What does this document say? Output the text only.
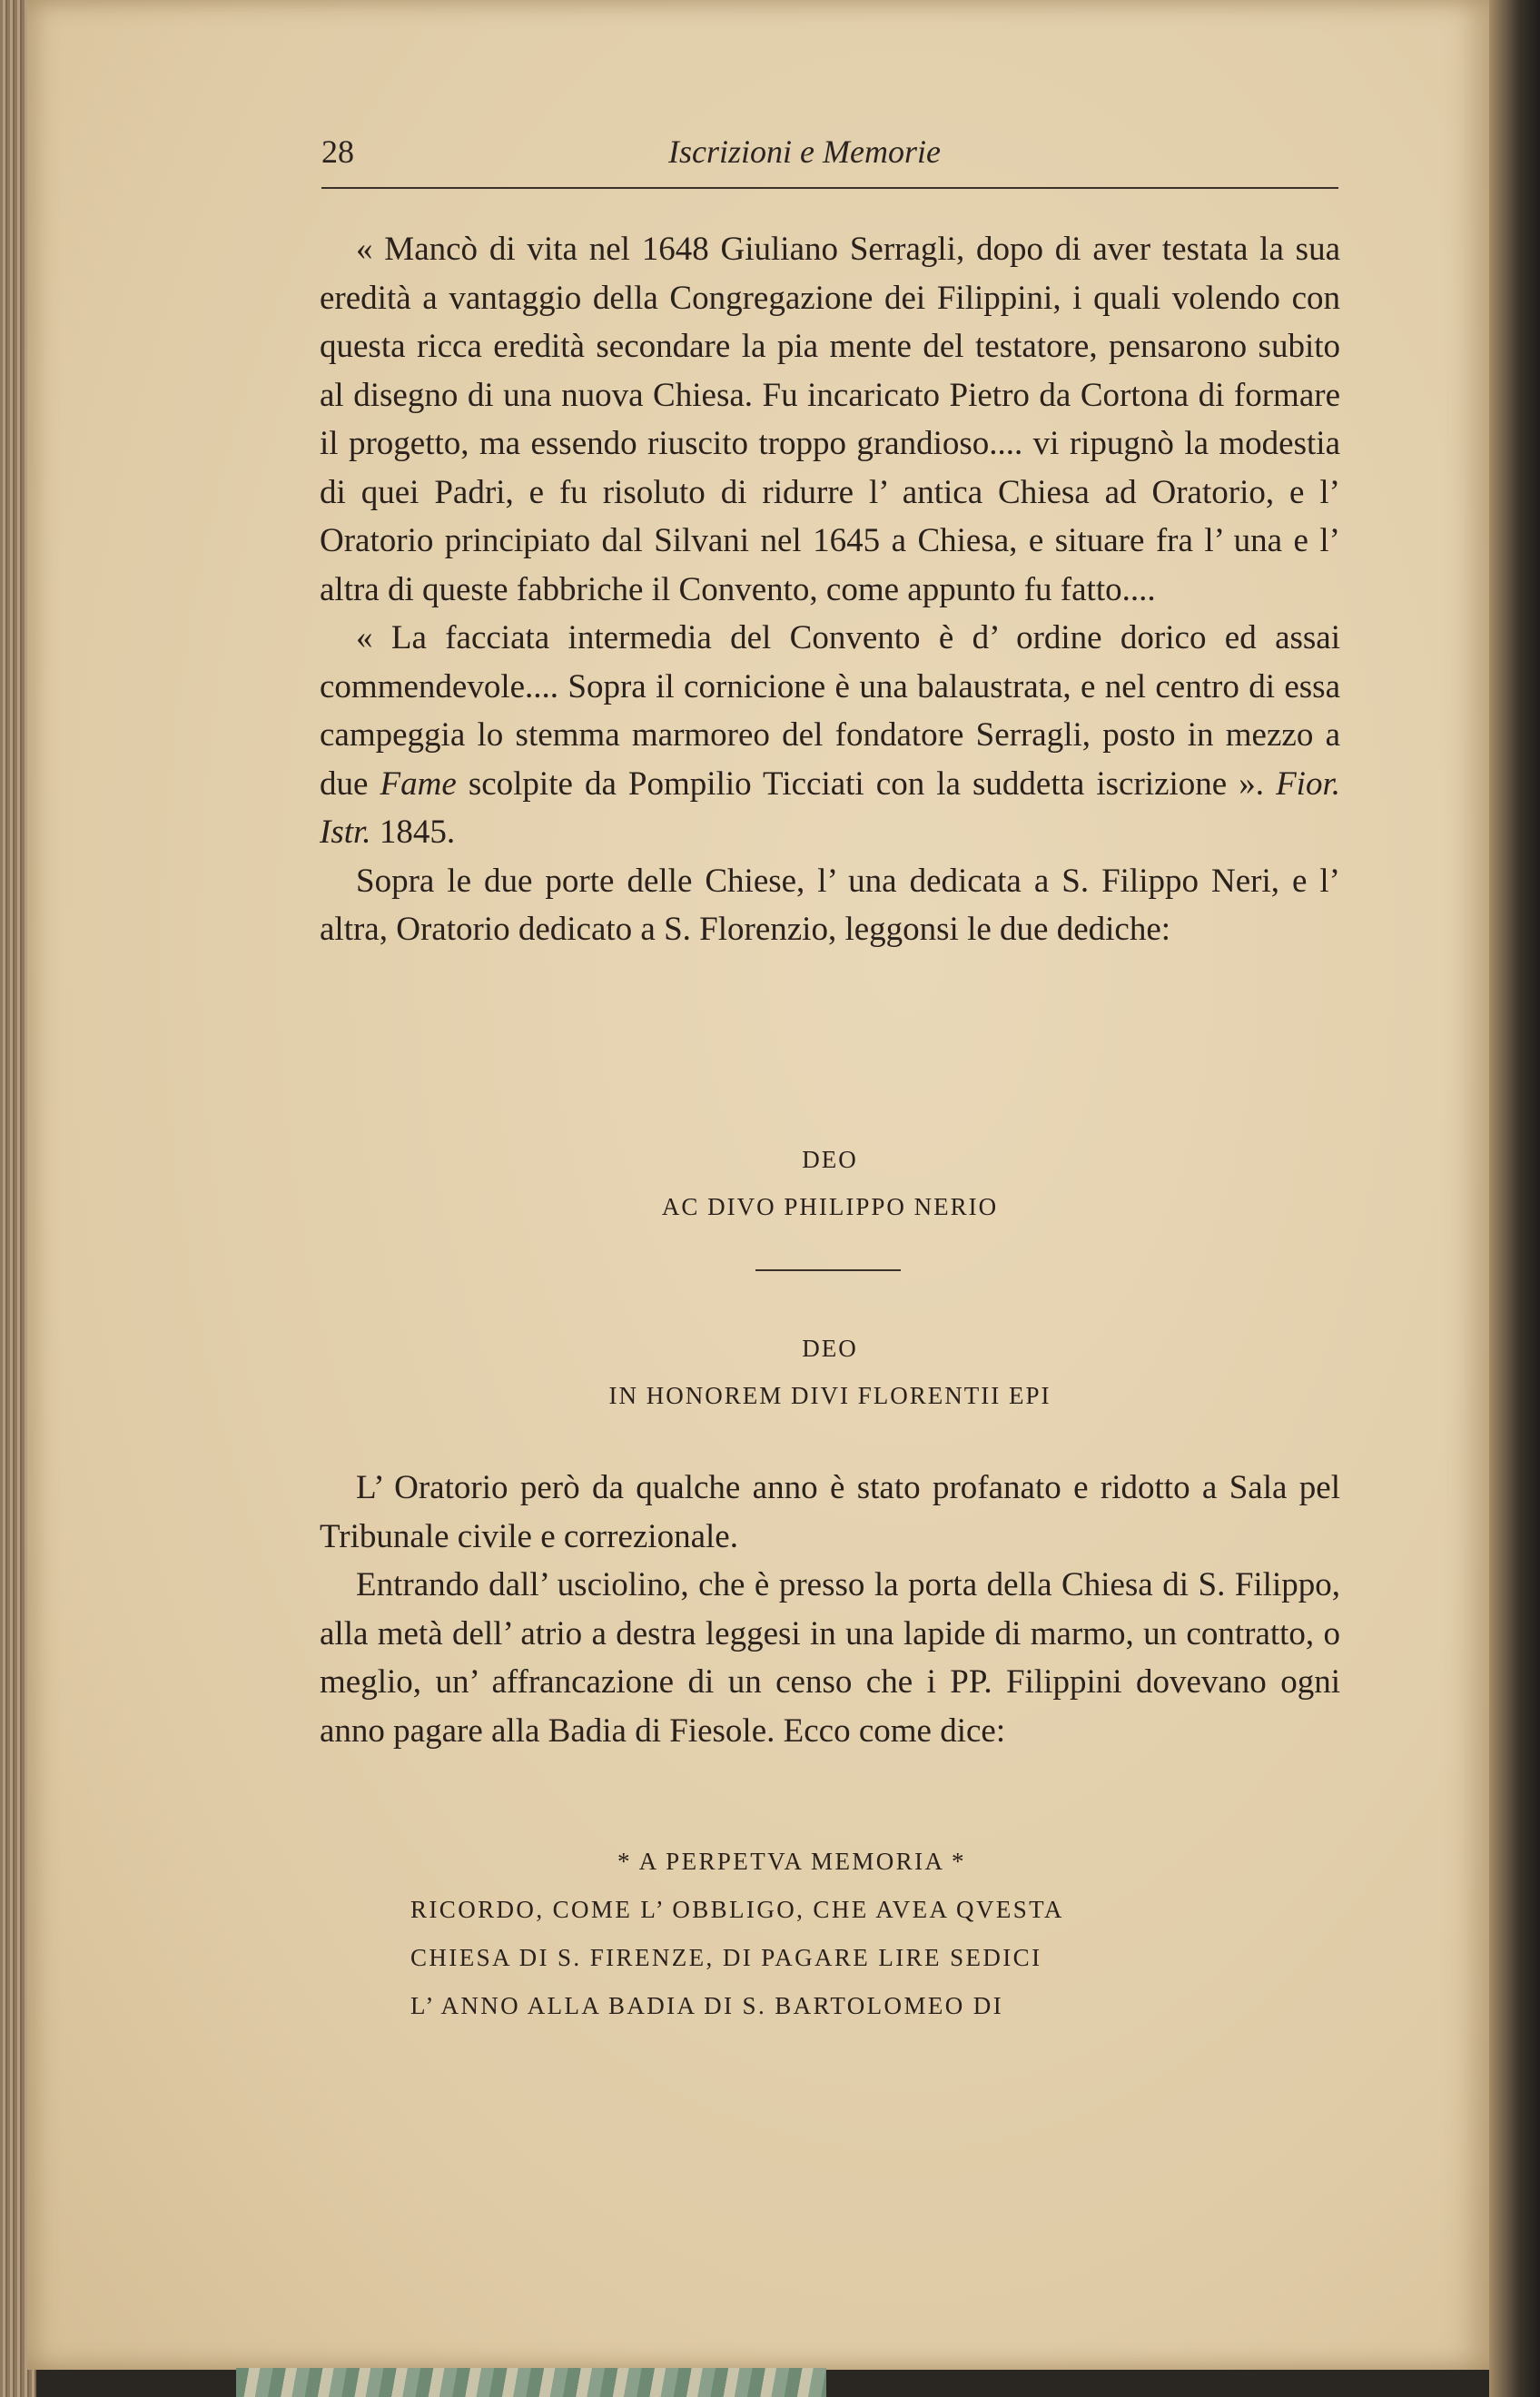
28	Iscrizioni e Memorie

« Mancò di vita nel 1648 Giuliano Serragli, dopo di aver testata la sua eredità a vantaggio della Congregazione dei Filippini, i quali volendo con questa ricca eredità secondare la pia mente del testatore, pensarono subito al disegno di una nuova Chiesa. Fu incaricato Pietro da Cortona di formare il progetto, ma essendo riuscito troppo grandioso.... vi ripugnò la modestia di quei Padri, e fu risoluto di ridurre l’ antica Chiesa ad Oratorio, e l’ Oratorio principiato dal Silvani nel 1645 a Chiesa, e situare fra l’ una e l’ altra di queste fabbriche il Convento, come appunto fu fatto....

« La facciata intermedia del Convento è d’ ordine dorico ed assai commendevole.... Sopra il cornicione è una balaustrata, e nel centro di essa campeggia lo stemma marmoreo del fondatore Serragli, posto in mezzo a due Fame scolpite da Pompilio Ticciati con la suddetta iscrizione ». Fior. Istr. 1845.

Sopra le due porte delle Chiese, l’ una dedicata a S. Filippo Neri, e l’ altra, Oratorio dedicato a S. Florenzio, leggonsi le due dediche:

DEO
AC DIVO PHILIPPO NERIO
DEO
IN HONOREM DIVI FLORENTII EPI

L’ Oratorio però da qualche anno è stato profanato e ridotto a Sala pel Tribunale civile e correzionale.

Entrando dall’ usciolino, che è presso la porta della Chiesa di S. Filippo, alla metà dell’ atrio a destra leggesi in una lapide di marmo, un contratto, o meglio, un’ affrancazione di un censo che i PP. Filippini dovevano ogni anno pagare alla Badia di Fiesole. Ecco come dice:

* A PERPETVA MEMORIA *
RICORDO, COME L’ OBBLIGO, CHE AVEA QVESTA
CHIESA DI S. FIRENZE, DI PAGARE LIRE SEDICI
L’ ANNO ALLA BADIA DI S. BARTOLOMEO DI
